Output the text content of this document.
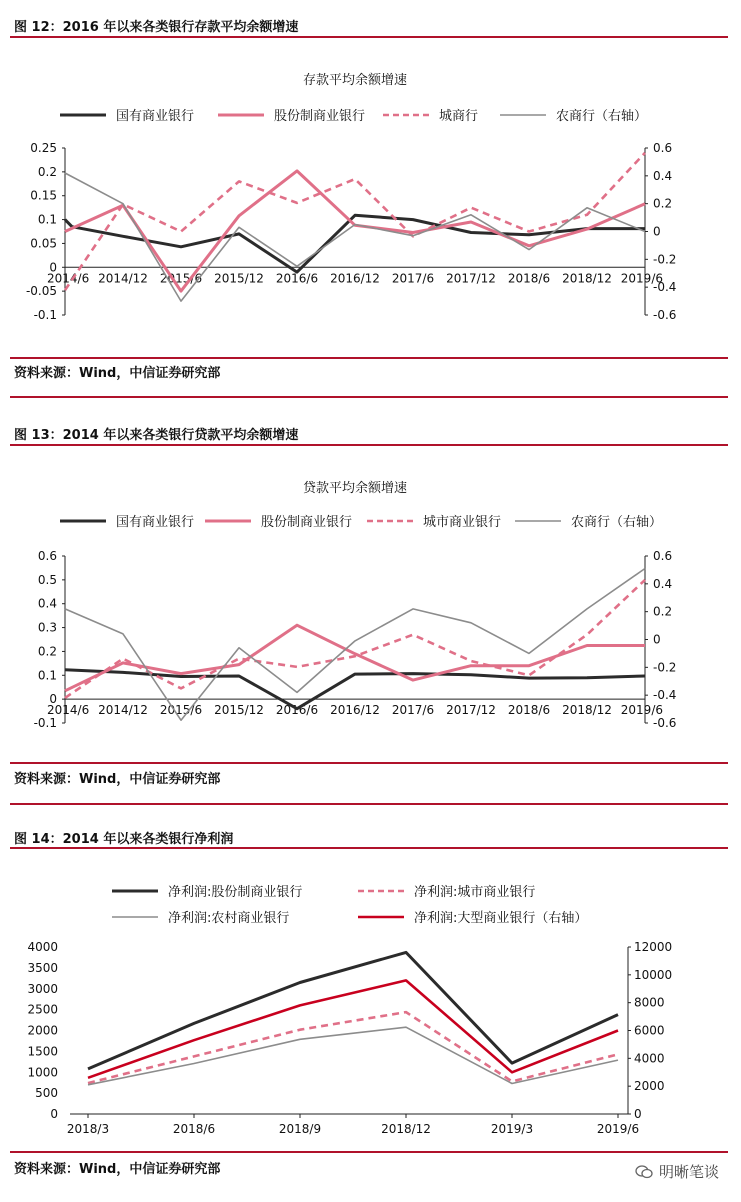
图 12：2016 年以来各类银行存款平均余额增速
存款平均余额增速
-0.1
-0.05
0
0.05
0.1
0.15
0.2
0.25
-0.6
-0.4
-0.2
0
0.2
0.4
0.6
2014/6 2014/12 2015/6 2015/12 2016/6 2016/12 2017/6 2017/12 2018/6 2018/12 2019/6
国有商业银行	股份制商业银行	城商行	农商行（右轴）
资料来源：Wind，中信证券研究部
图 13：2014 年以来各类银行贷款平均余额增速
贷款平均余额增速
-0.1
0
0.1
0.2
0.3
0.4
0.5
0.6
-0.6
-0.4
-0.2
0
0.2
0.4
0.6
2014/6 2014/12 2015/6 2015/12 2016/6 2016/12 2017/6 2017/12 2018/6 2018/12 2019/6
国有商业银行	股份制商业银行	城市商业银行	农商行（右轴）
资料来源：Wind，中信证券研究部
图 14：2014 年以来各类银行净利润
0
500
1000
1500
2000
2500
3000
3500
4000
0
2000
4000
6000
8000
10000
12000
2018/3	2018/6	2018/9	2018/12	2019/3	2019/6
净利润:股份制商业银行	净利润:城市商业银行
净利润:农村商业银行	净利润:大型商业银行（右轴）
资料来源：Wind，中信证券研究部	明晰笔谈
